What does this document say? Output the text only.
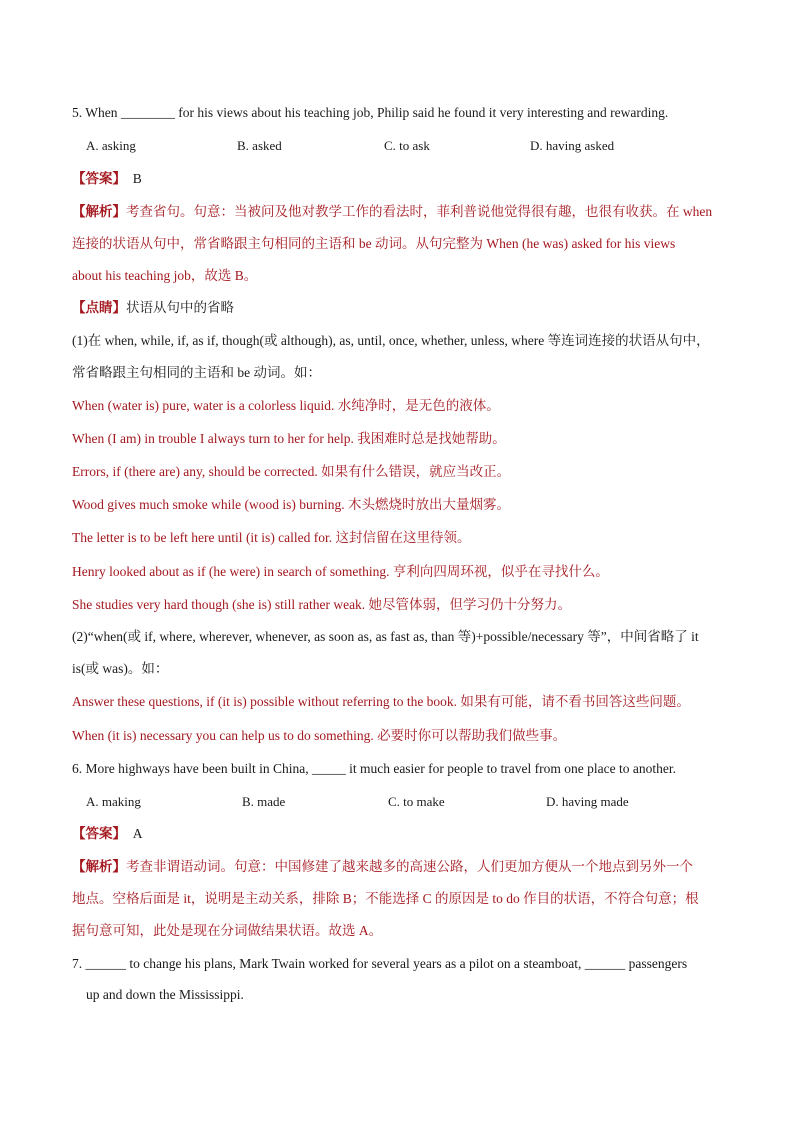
5. When ________ for his views about his teaching job, Philip said he found it very interesting and rewarding.
A. asking	B. asked	C. to ask	D. having asked
【答案】 B
【解析】考查省句。句意：当被问及他对教学工作的看法时，菲利普说他觉得很有趣，也很有收获。在 when
连接的状语从句中，常省略跟主句相同的主语和 be 动词。从句完整为 When (he was) asked for his views
about his teaching job，故选 B。
【点睛】状语从句中的省略
(1)在 when, while, if, as if, though(或 although), as, until, once, whether, unless, where 等连词连接的状语从句中，
常省略跟主句相同的主语和 be 动词。如：
When (water is) pure, water is a colorless liquid. 水纯净时，是无色的液体。
When (I am) in trouble I always turn to her for help. 我困难时总是找她帮助。
Errors, if (there are) any, should be corrected. 如果有什么错误，就应当改正。
Wood gives much smoke while (wood is) burning. 木头燃烧时放出大量烟雾。
The letter is to be left here until (it is) called for. 这封信留在这里待领。
Henry looked about as if (he were) in search of something. 亨利向四周环视，似乎在寻找什么。
She studies very hard though (she is) still rather weak. 她尽管体弱，但学习仍十分努力。
(2)“when(或 if, where, wherever, whenever, as soon as, as fast as, than 等)+possible/necessary 等”，中间省略了 it
is(或 was)。如：
Answer these questions, if (it is) possible without referring to the book. 如果有可能，请不看书回答这些问题。
When (it is) necessary you can help us to do something. 必要时你可以帮助我们做些事。
6. More highways have been built in China, _____ it much easier for people to travel from one place to another.
A. making	B. made	C. to make	D. having made
【答案】 A
【解析】考查非谓语动词。句意：中国修建了越来越多的高速公路，人们更加方便从一个地点到另外一个
地点。空格后面是 it，说明是主动关系，排除 B；不能选择 C 的原因是 to do 作目的状语，不符合句意；根
据句意可知，此处是现在分词做结果状语。故选 A。
7. ______ to change his plans, Mark Twain worked for several years as a pilot on a steamboat, ______ passengers
up and down the Mississippi.
